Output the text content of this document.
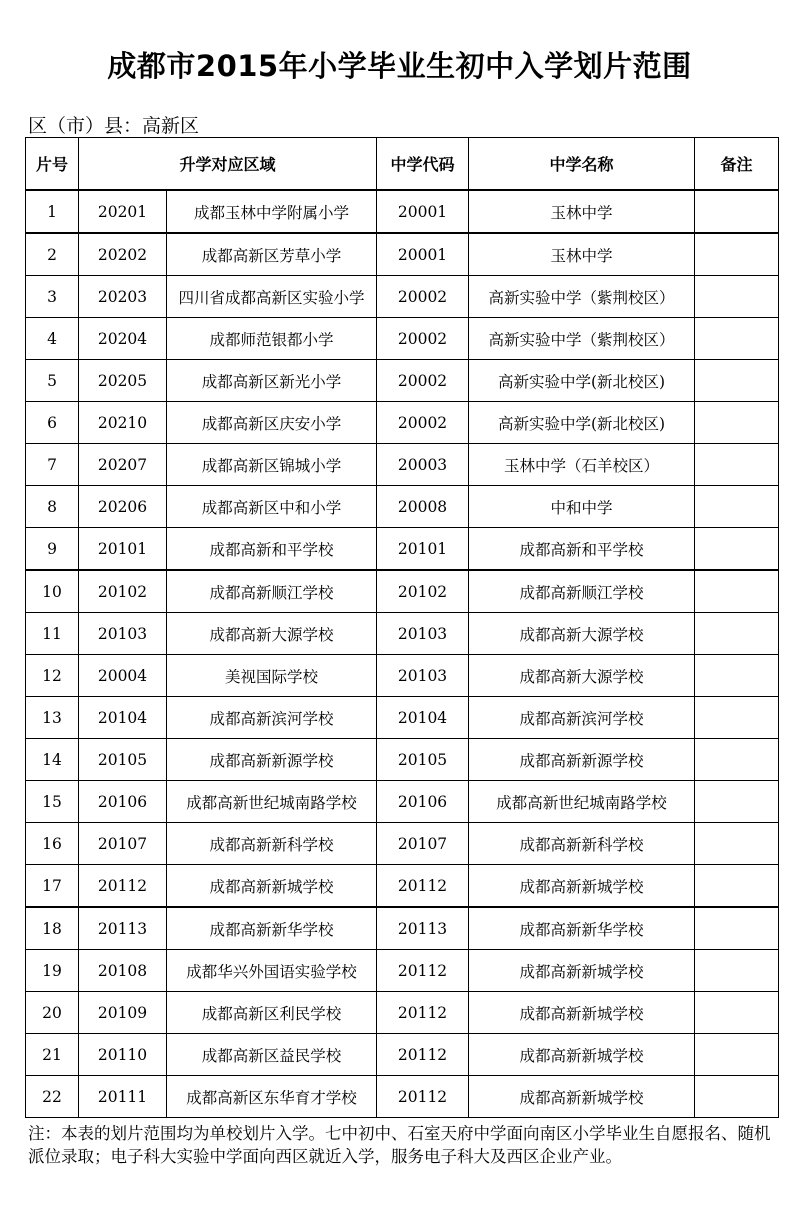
成都市2015年小学毕业生初中入学划片范围
区（市）县：高新区
片号	升学对应区域		中学代码	中学名称	备注
1	20201	成都玉林中学附属小学	20001	玉林中学	
2	20202	成都高新区芳草小学	20001	玉林中学	
3	20203	四川省成都高新区实验小学	20002	高新实验中学（紫荆校区）	
4	20204	成都师范银都小学	20002	高新实验中学（紫荆校区）	
5	20205	成都高新区新光小学	20002	高新实验中学(新北校区)	
6	20210	成都高新区庆安小学	20002	高新实验中学(新北校区)	
7	20207	成都高新区锦城小学	20003	玉林中学（石羊校区）	
8	20206	成都高新区中和小学	20008	中和中学	
9	20101	成都高新和平学校	20101	成都高新和平学校	
10	20102	成都高新顺江学校	20102	成都高新顺江学校	
11	20103	成都高新大源学校	20103	成都高新大源学校	
12	20004	美视国际学校	20103	成都高新大源学校	
13	20104	成都高新滨河学校	20104	成都高新滨河学校	
14	20105	成都高新新源学校	20105	成都高新新源学校	
15	20106	成都高新世纪城南路学校	20106	成都高新世纪城南路学校	
16	20107	成都高新新科学校	20107	成都高新新科学校	
17	20112	成都高新新城学校	20112	成都高新新城学校	
18	20113	成都高新新华学校	20113	成都高新新华学校	
19	20108	成都华兴外国语实验学校	20112	成都高新新城学校	
20	20109	成都高新区利民学校	20112	成都高新新城学校	
21	20110	成都高新区益民学校	20112	成都高新新城学校	
22	20111	成都高新区东华育才学校	20112	成都高新新城学校	
注：本表的划片范围均为单校划片入学。七中初中、石室天府中学面向南区小学毕业生自愿报名、随机派位录取；电子科大实验中学面向西区就近入学，服务电子科大及西区企业产业。
